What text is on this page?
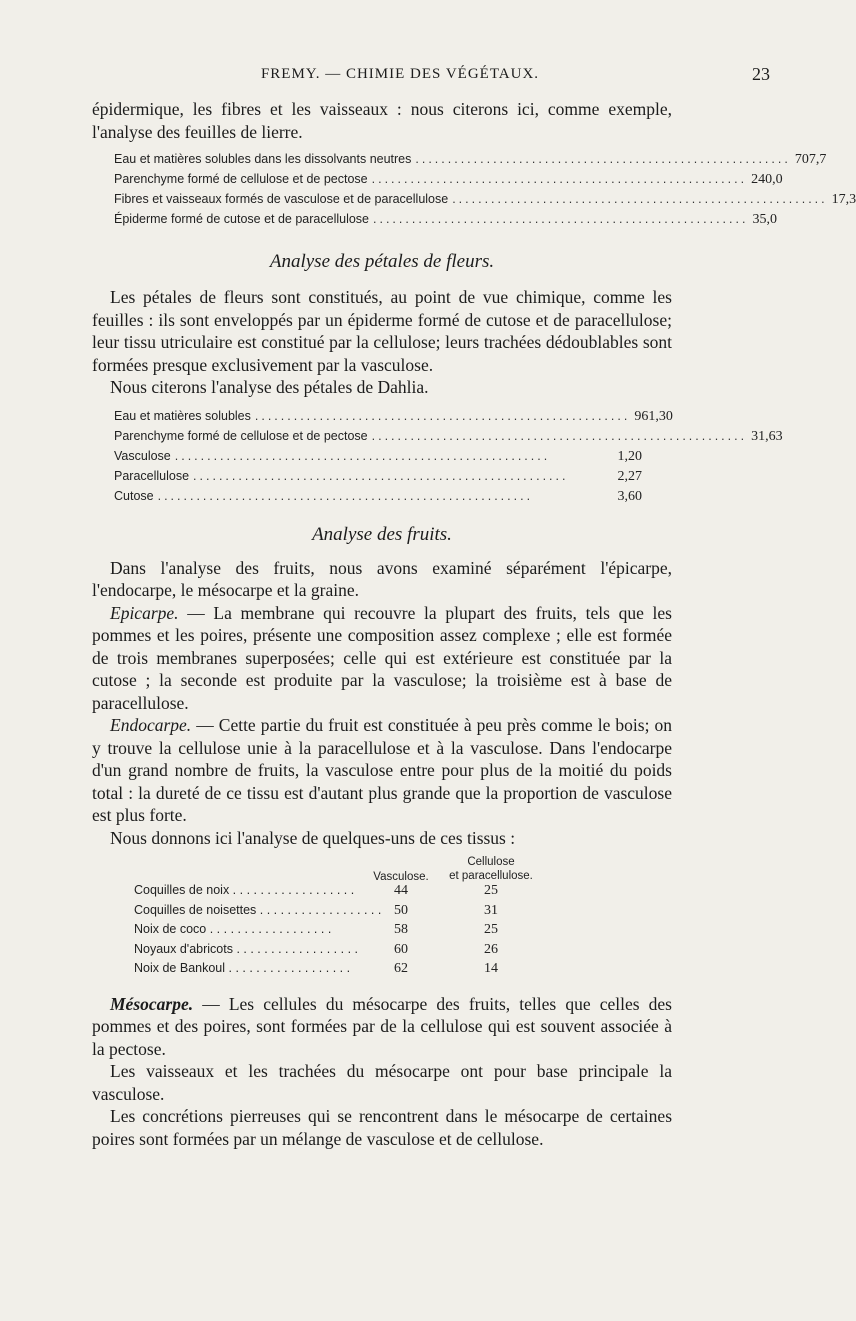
FREMY. — CHIMIE DES VÉGÉTAUX.	23

épidermique, les fibres et les vaisseaux : nous citerons ici, comme exemple, l'analyse des feuilles de lierre.

Eau et matières solubles dans les dissolvants neutres .......................................................... 707,7
Parenchyme formé de cellulose et de pectose .......................................................... 240,0
Fibres et vaisseaux formés de vasculose et de paracellulose .......................................................... 17,3
Épiderme formé de cutose et de paracellulose .......................................................... 35,0
Analyse des pétales de fleurs.

Les pétales de fleurs sont constitués, au point de vue chimique, comme les feuilles : ils sont enveloppés par un épiderme formé de cutose et de paracellulose; leur tissu utriculaire est constitué par la cellulose; leurs trachées dédoublables sont formées presque exclusivement par la vasculose.

Nous citerons l'analyse des pétales de Dahlia.

Eau et matières solubles .......................................................... 961,30
Parenchyme formé de cellulose et de pectose .......................................................... 31,63
Vasculose ..........................................................	1,20
Paracellulose ..........................................................	2,27
Cutose ..........................................................	3,60
Analyse des fruits.

Dans l'analyse des fruits, nous avons examiné séparément l'épicarpe, l'endocarpe, le mésocarpe et la graine.

Epicarpe. — La membrane qui recouvre la plupart des fruits, tels que les pommes et les poires, présente une composition assez complexe ; elle est formée de trois membranes superposées; celle qui est extérieure est constituée par la cutose ; la seconde est produite par la vasculose; la troisième est à base de paracellulose.

Endocarpe. — Cette partie du fruit est constituée à peu près comme le bois; on y trouve la cellulose unie à la paracellulose et à la vasculose. Dans l'endocarpe d'un grand nombre de fruits, la vasculose entre pour plus de la moitié du poids total : la dureté de ce tissu est d'autant plus grande que la proportion de vasculose est plus forte.

Nous donnons ici l'analyse de quelques-uns de ces tissus :

Vasculose.
Cellulose
et paracellulose.
Coquilles de noix . . . . . . . . . . . . . . . . . .	44	25
Coquilles de noisettes . . . . . . . . . . . . . . . . . . 50	31
Noix de coco . . . . . . . . . . . . . . . . . .	58	25
Noyaux d'abricots . . . . . . . . . . . . . . . . . .	60	26
Noix de Bankoul . . . . . . . . . . . . . . . . . .	62	14

Mésocarpe. — Les cellules du mésocarpe des fruits, telles que celles des pommes et des poires, sont formées par de la cellulose qui est souvent associée à la pectose.

Les vaisseaux et les trachées du mésocarpe ont pour base principale la vasculose.

Les concrétions pierreuses qui se rencontrent dans le mésocarpe de certaines poires sont formées par un mélange de vasculose et de cellulose.
